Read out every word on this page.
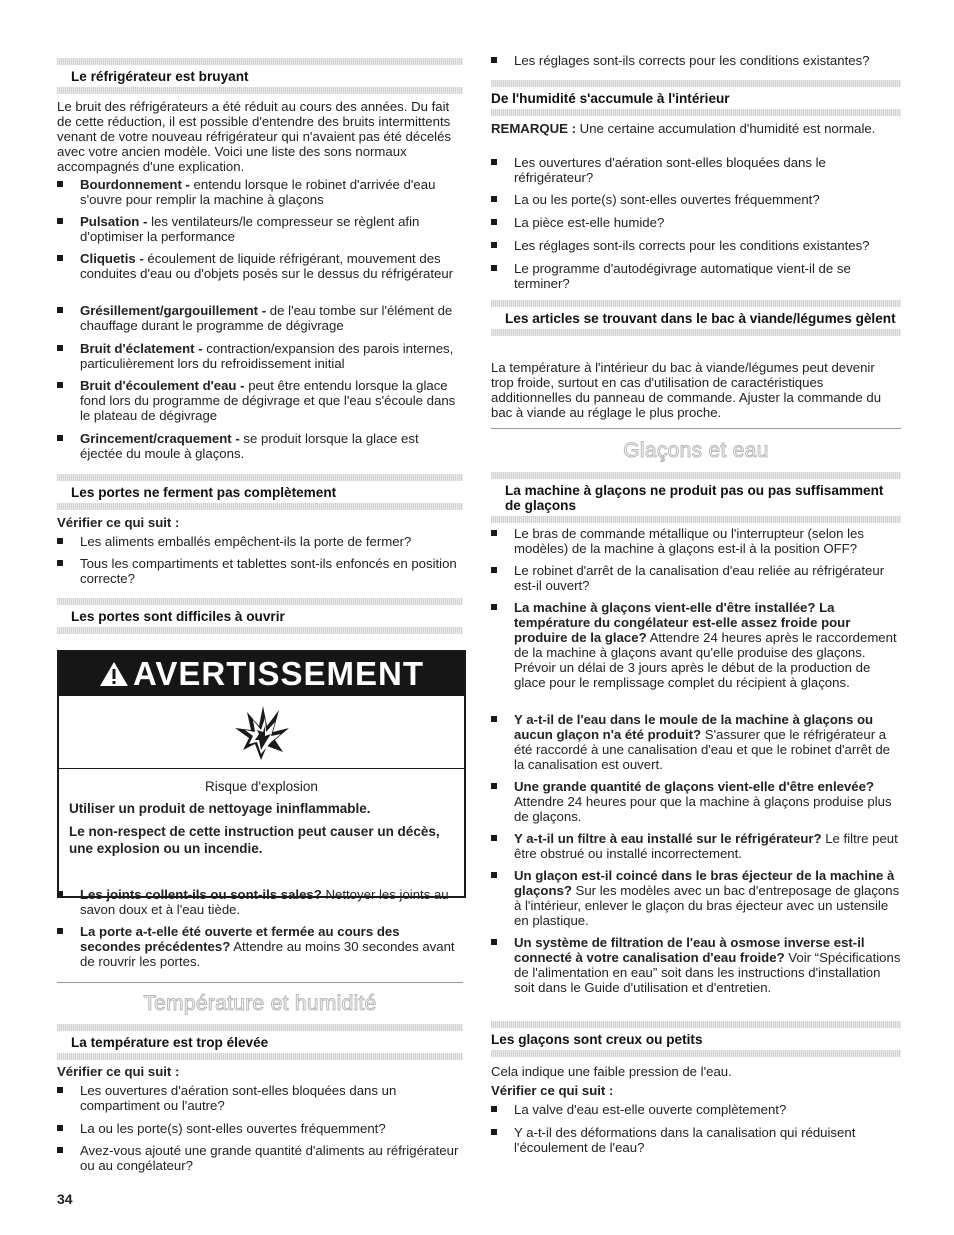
Le réfrigérateur est bruyant

Le bruit des réfrigérateurs a été réduit au cours des années. Du fait de cette réduction, il est possible d'entendre des bruits intermittents venant de votre nouveau réfrigérateur qui n'avaient pas été décelés avec votre ancien modèle. Voici une liste des sons normaux accompagnés d'une explication.

Bourdonnement - entendu lorsque le robinet d'arrivée d'eau s'ouvre pour remplir la machine à glaçons
Pulsation - les ventilateurs/le compresseur se règlent afin d'optimiser la performance
Cliquetis - écoulement de liquide réfrigérant, mouvement des conduites d'eau ou d'objets posés sur le dessus du réfrigérateur
Grésillement/gargouillement - de l'eau tombe sur l'élément de chauffage durant le programme de dégivrage
Bruit d'éclatement - contraction/expansion des parois internes, particulièrement lors du refroidissement initial
Bruit d'écoulement d'eau - peut être entendu lorsque la glace fond lors du programme de dégivrage et que l'eau s'écoule dans le plateau de dégivrage
Grincement/craquement - se produit lorsque la glace est éjectée du moule à glaçons.
Les portes ne ferment pas complètement

Vérifier ce qui suit :

Les aliments emballés empêchent-ils la porte de fermer?
Tous les compartiments et tablettes sont-ils enfoncés en position correcte?
Les portes sont difficiles à ouvrir
AVERTISSEMENT
Risque d'explosion
Utiliser un produit de nettoyage ininflammable.
Le non-respect de cette instruction peut causer un décès, une explosion ou un incendie.
Les joints collent-ils ou sont-ils sales? Nettoyer les joints au savon doux et à l'eau tiède.
La porte a-t-elle été ouverte et fermée au cours des secondes précédentes? Attendre au moins 30 secondes avant de rouvrir les portes.
Température et humidité
La température est trop élevée

Vérifier ce qui suit :

Les ouvertures d'aération sont-elles bloquées dans un compartiment ou l'autre?
La ou les porte(s) sont-elles ouvertes fréquemment?
Avez-vous ajouté une grande quantité d'aliments au réfrigérateur ou au congélateur?
Les réglages sont-ils corrects pour les conditions existantes?
De l'humidité s'accumule à l'intérieur

REMARQUE : Une certaine accumulation d'humidité est normale.

Les ouvertures d'aération sont-elles bloquées dans le réfrigérateur?
La ou les porte(s) sont-elles ouvertes fréquemment?
La pièce est-elle humide?
Les réglages sont-ils corrects pour les conditions existantes?
Le programme d'autodégivrage automatique vient-il de se terminer?
Les articles se trouvant dans le bac à viande/légumes gèlent

La température à l'intérieur du bac à viande/légumes peut devenir trop froide, surtout en cas d'utilisation de caractéristiques additionnelles du panneau de commande. Ajuster la commande du bac à viande au réglage le plus proche.

Glaçons et eau
La machine à glaçons ne produit pas ou pas suffisamment de glaçons
Le bras de commande métallique ou l'interrupteur (selon les modèles) de la machine à glaçons est-il à la position OFF?
Le robinet d'arrêt de la canalisation d'eau reliée au réfrigérateur est-il ouvert?
La machine à glaçons vient-elle d'être installée? La température du congélateur est-elle assez froide pour produire de la glace? Attendre 24 heures après le raccordement de la machine à glaçons avant qu'elle produise des glaçons. Prévoir un délai de 3 jours après le début de la production de glace pour le remplissage complet du récipient à glaçons.
Y a-t-il de l'eau dans le moule de la machine à glaçons ou aucun glaçon n'a été produit? S'assurer que le réfrigérateur a été raccordé à une canalisation d'eau et que le robinet d'arrêt de la canalisation est ouvert.
Une grande quantité de glaçons vient-elle d'être enlevée? Attendre 24 heures pour que la machine à glaçons produise plus de glaçons.
Y a-t-il un filtre à eau installé sur le réfrigérateur? Le filtre peut être obstrué ou installé incorrectement.
Un glaçon est-il coincé dans le bras éjecteur de la machine à glaçons? Sur les modèles avec un bac d'entreposage de glaçons à l'intérieur, enlever le glaçon du bras éjecteur avec un ustensile en plastique.
Un système de filtration de l'eau à osmose inverse est-il connecté à votre canalisation d'eau froide? Voir “Spécifications de l'alimentation en eau” soit dans les instructions d'installation soit dans le Guide d'utilisation et d'entretien.
Les glaçons sont creux ou petits

Cela indique une faible pression de l'eau.

Vérifier ce qui suit :

La valve d'eau est-elle ouverte complètement?
Y a-t-il des déformations dans la canalisation qui réduisent l'écoulement de l'eau?
34
